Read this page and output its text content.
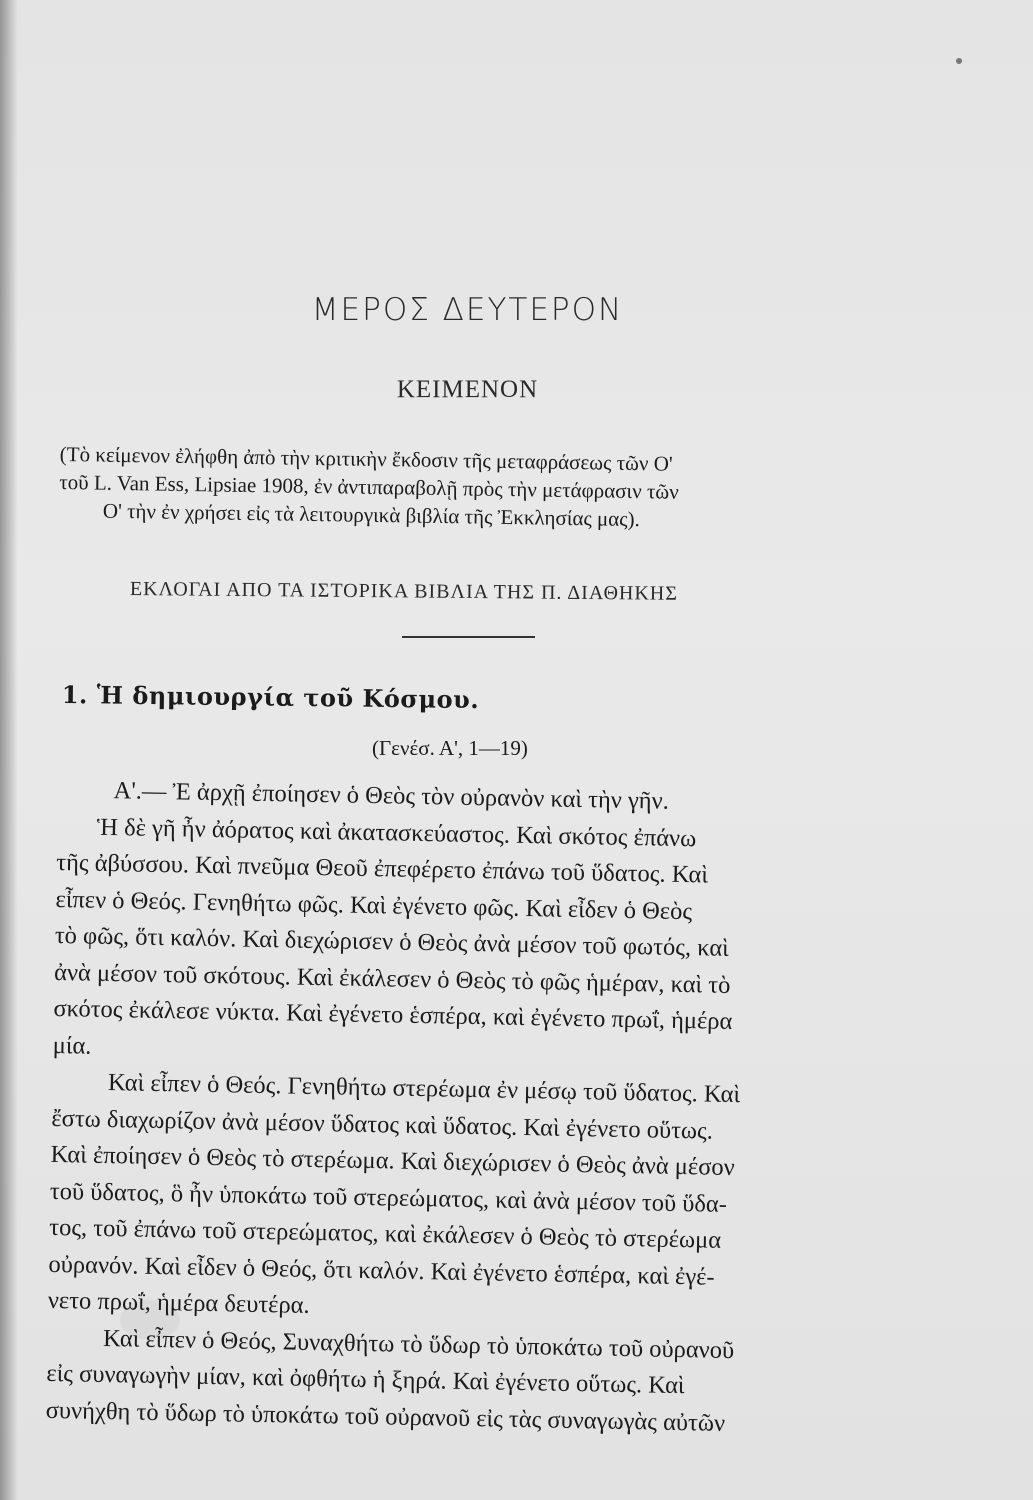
ΜΕΡΟΣ ΔΕΥΤΕΡΟΝ
ΚΕΙΜΕΝΟΝ

(Τὸ κείμενον ἐλήφθη ἀπὸ τὴν κριτικὴν ἔκδοσιν τῆς μεταφράσεως τῶν Ο'

τοῦ L. Van Ess, Lipsiae 1908, ἐν ἀντιπαραβολῇ πρὸς τὴν μετάφρασιν τῶν

Ο' τὴν ἐν χρήσει εἰς τὰ λειτουργικὰ βιβλία τῆς Ἐκκλησίας μας).

ΕΚΛΟΓΑΙ ΑΠΟ ΤΑ ΙΣΤΟΡΙΚΑ ΒΙΒΛΙΑ ΤΗΣ Π. ΔΙΑΘΗΚΗΣ
1. Ἡ δημιουργία τοῦ Κόσμου.
(Γενέσ. Α', 1—19)
Α'.— Ἐ ἀρχῇ ἐποίησεν ὁ Θεὸς τὸν οὐρανὸν καὶ τὴν γῆν.
Ἡ δὲ γῆ ἦν ἀόρατος καὶ ἀκατασκεύαστος. Καὶ σκότος ἐπάνω
τῆς ἀβύσσου. Καὶ πνεῦμα Θεοῦ ἐπεφέρετο ἐπάνω τοῦ ὕδατος. Καὶ
εἶπεν ὁ Θεός. Γενηθήτω φῶς. Καὶ ἐγένετο φῶς. Καὶ εἶδεν ὁ Θεὸς
τὸ φῶς, ὅτι καλόν. Καὶ διεχώρισεν ὁ Θεὸς ἀνὰ μέσον τοῦ φωτός, καὶ
ἀνὰ μέσον τοῦ σκότους. Καὶ ἐκάλεσεν ὁ Θεὸς τὸ φῶς ἡμέραν, καὶ τὸ
σκότος ἐκάλεσε νύκτα. Καὶ ἐγένετο ἑσπέρα, καὶ ἐγένετο πρωΐ, ἡμέρα
μία.
Καὶ εἶπεν ὁ Θεός. Γενηθήτω στερέωμα ἐν μέσῳ τοῦ ὕδατος. Καὶ
ἔστω διαχωρίζον ἀνὰ μέσον ὕδατος καὶ ὕδατος. Καὶ ἐγένετο οὕτως.
Καὶ ἐποίησεν ὁ Θεὸς τὸ στερέωμα. Καὶ διεχώρισεν ὁ Θεὸς ἀνὰ μέσον
τοῦ ὕδατος, ὃ ἦν ὑποκάτω τοῦ στερεώματος, καὶ ἀνὰ μέσον τοῦ ὕδα-
τος, τοῦ ἐπάνω τοῦ στερεώματος, καὶ ἐκάλεσεν ὁ Θεὸς τὸ στερέωμα
οὐρανόν. Καὶ εἶδεν ὁ Θεός, ὅτι καλόν. Καὶ ἐγένετο ἑσπέρα, καὶ ἐγέ-
νετο πρωΐ, ἡμέρα δευτέρα.
Καὶ εἶπεν ὁ Θεός, Συναχθήτω τὸ ὕδωρ τὸ ὑποκάτω τοῦ οὐρανοῦ
εἰς συναγωγὴν μίαν, καὶ ὀφθήτω ἡ ξηρά. Καὶ ἐγένετο οὕτως. Καὶ
συνήχθη τὸ ὕδωρ τὸ ὑποκάτω τοῦ οὐρανοῦ εἰς τὰς συναγωγὰς αὐτῶν
